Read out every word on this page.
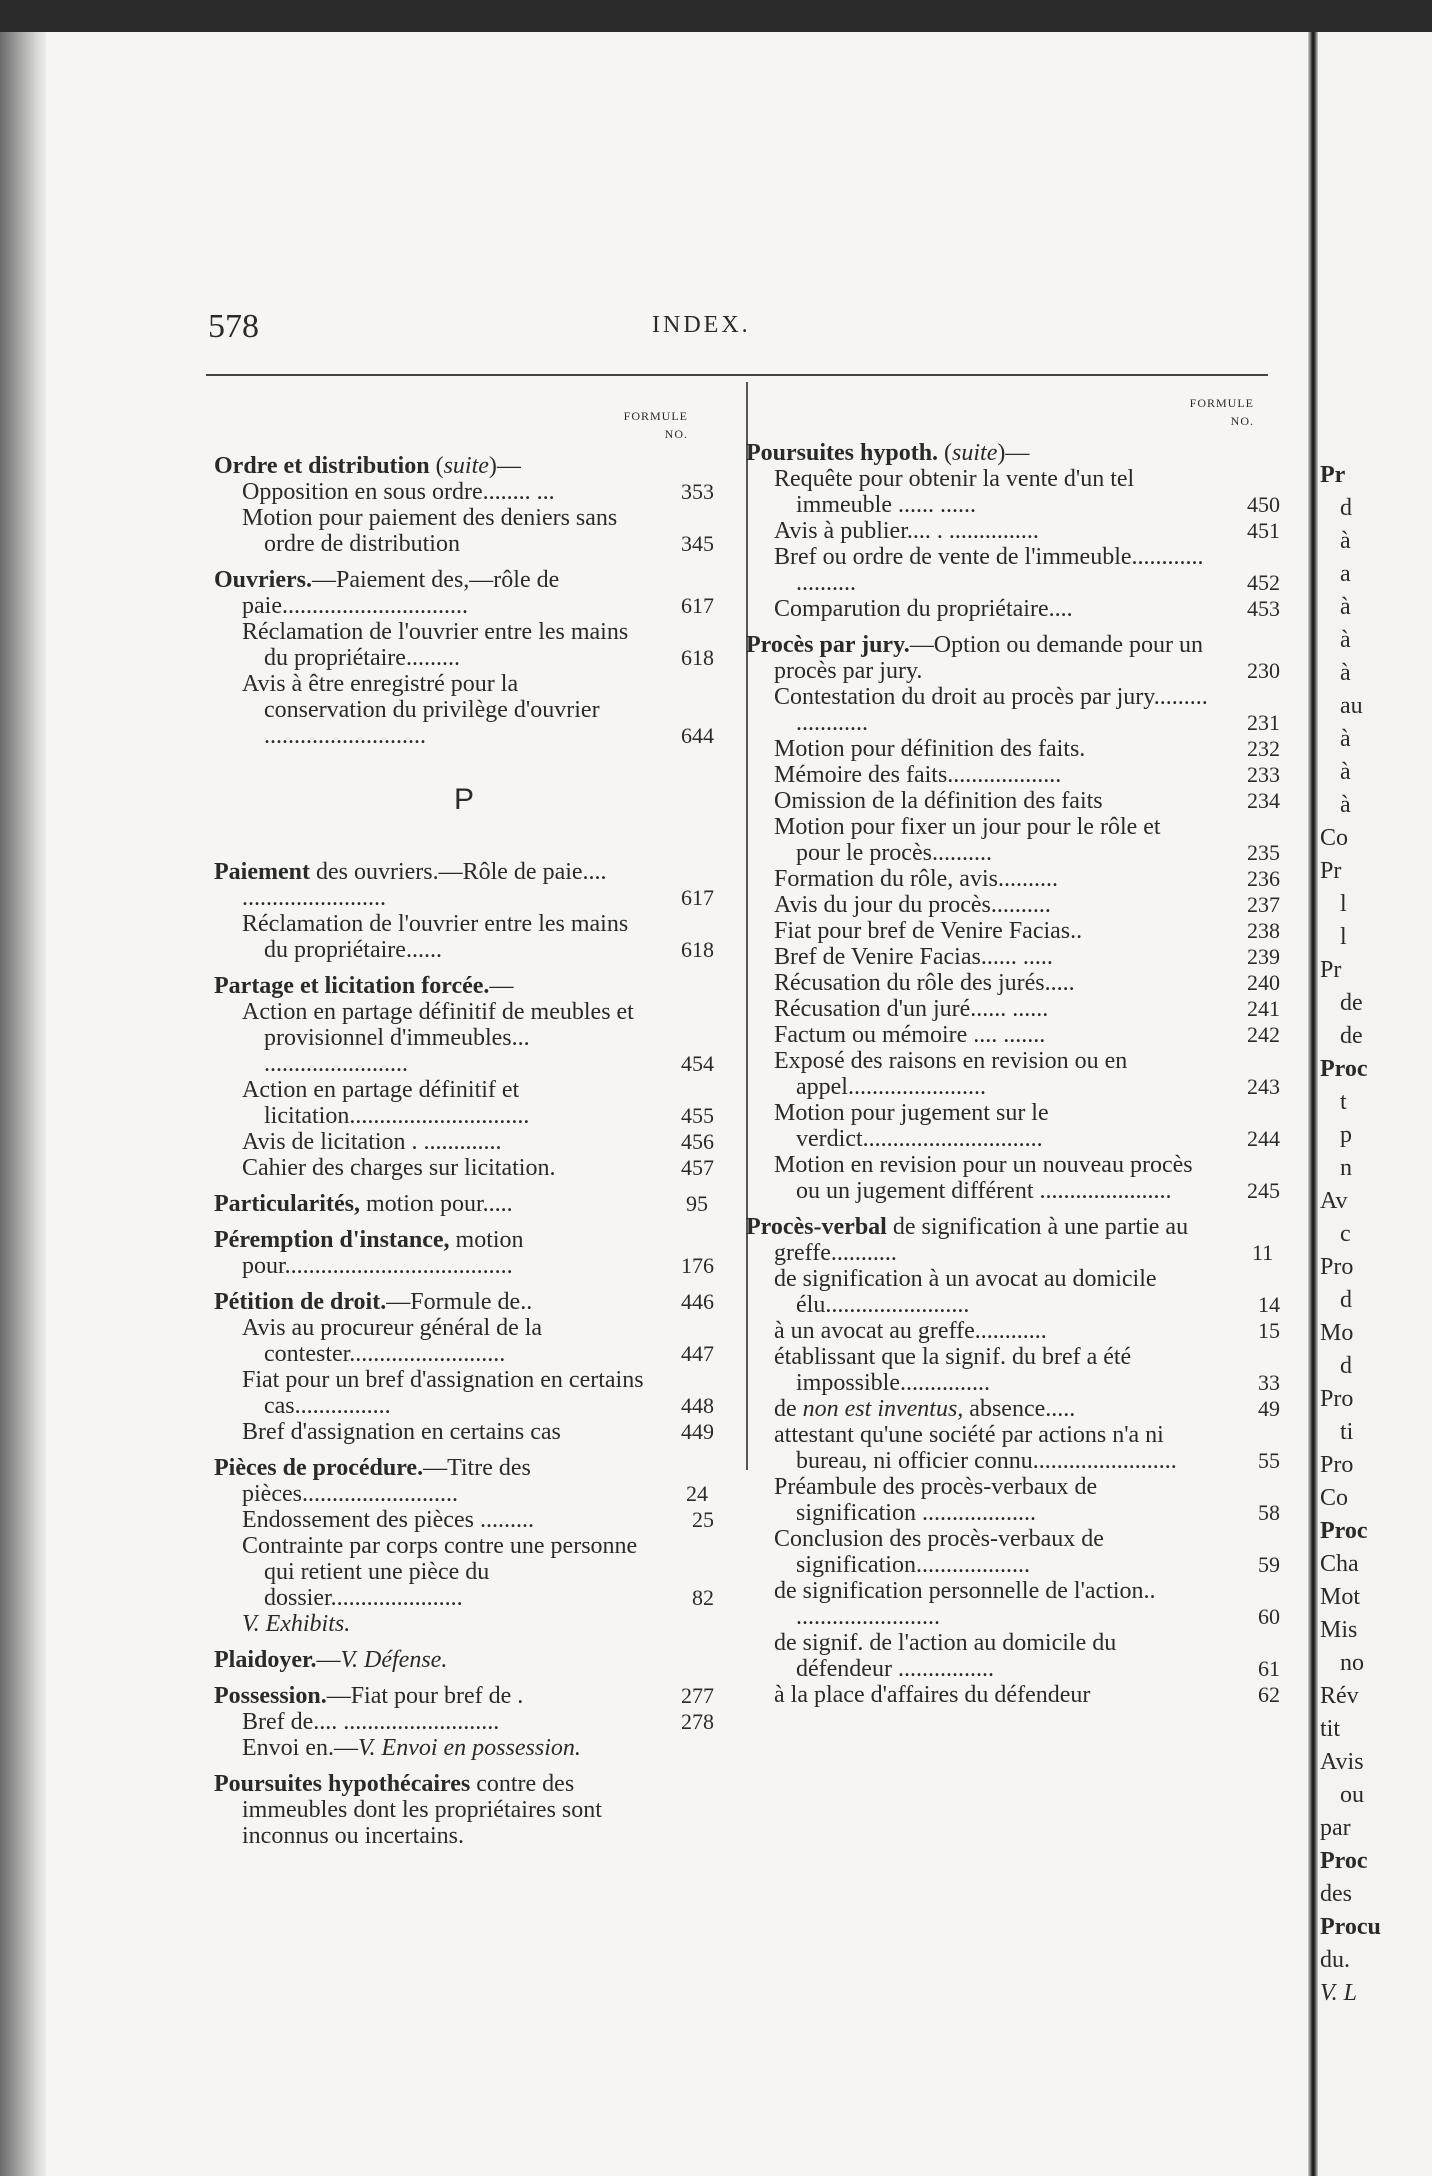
578	INDEX.
FORMULE
NO.
Ordre et distribution (suite)—
Opposition en sous ordre........ ...	353
Motion pour paiement des deniers sans ordre de distribution	345
Ouvriers.—Paiement des,—rôle de paie...............................	617
Réclamation de l'ouvrier entre les mains du propriétaire.........	618
Avis à être enregistré pour la conservation du privilège d'ouvrier ...........................	644
P
Paiement des ouvriers.—Rôle de paie.... ........................	617
Réclamation de l'ouvrier entre les mains du propriétaire......	618
Partage et licitation forcée.—
Action en partage définitif de meubles et provisionnel d'immeubles... ........................	454
Action en partage définitif et licitation..............................	455
Avis de licitation . .............	456
Cahier des charges sur licitation.	457
Particularités, motion pour.....	95
Péremption d'instance, motion pour......................................	176
Pétition de droit.—Formule de..	446
Avis au procureur général de la contester..........................	447
Fiat pour un bref d'assignation en certains cas................	448
Bref d'assignation en certains cas	449
Pièces de procédure.—Titre des pièces..........................	24
Endossement des pièces .........	25
Contrainte par corps contre une personne qui retient une pièce du dossier......................	82
V. Exhibits.
Plaidoyer.—V. Défense.
Possession.—Fiat pour bref de .	277
Bref de.... ..........................	278
Envoi en.—V. Envoi en possession.
Poursuites hypothécaires contre des immeubles dont les propriétaires sont inconnus ou incertains.
FORMULE
NO.
Poursuites hypoth. (suite)—
Requête pour obtenir la vente d'un tel immeuble ...... ......	450
Avis à publier.... . ...............	451
Bref ou ordre de vente de l'immeuble............ ..........	452
Comparution du propriétaire....	453
Procès par jury.—Option ou demande pour un procès par jury.	230
Contestation du droit au procès par jury......... ............	231
Motion pour définition des faits.	232
Mémoire des faits...................	233
Omission de la définition des faits	234
Motion pour fixer un jour pour le rôle et pour le procès..........	235
Formation du rôle, avis..........	236
Avis du jour du procès..........	237
Fiat pour bref de Venire Facias..	238
Bref de Venire Facias...... .....	239
Récusation du rôle des jurés.....	240
Récusation d'un juré...... ......	241
Factum ou mémoire .... .......	242
Exposé des raisons en revision ou en appel.......................	243
Motion pour jugement sur le verdict..............................	244
Motion en revision pour un nouveau procès ou un jugement différent ......................	245
Procès-verbal de signification à une partie au greffe...........	11
de signification à un avocat au domicile élu........................	14
à un avocat au greffe............	15
établissant que la signif. du bref a été impossible...............	33
de non est inventus, absence.....	49
attestant qu'une société par actions n'a ni bureau, ni officier connu........................	55
Préambule des procès-verbaux de signification ...................	58
Conclusion des procès-verbaux de signification...................	59
de signification personnelle de l'action.. ........................	60
de signif. de l'action au domicile du défendeur ................	61
à la place d'affaires du défendeur	62
Pr
d
à
a
à
à
à
au
à
à
à
Co
Pr
l
l
Pr
de
de
Proc
t
p
n
Av
c
Pro
d
Mo
d
Pro
ti
Pro
Co
Proc
Cha
Mot
Mis
no
Rév
tit
Avis
ou
par
Proc
des
Procu
du.
V. L
